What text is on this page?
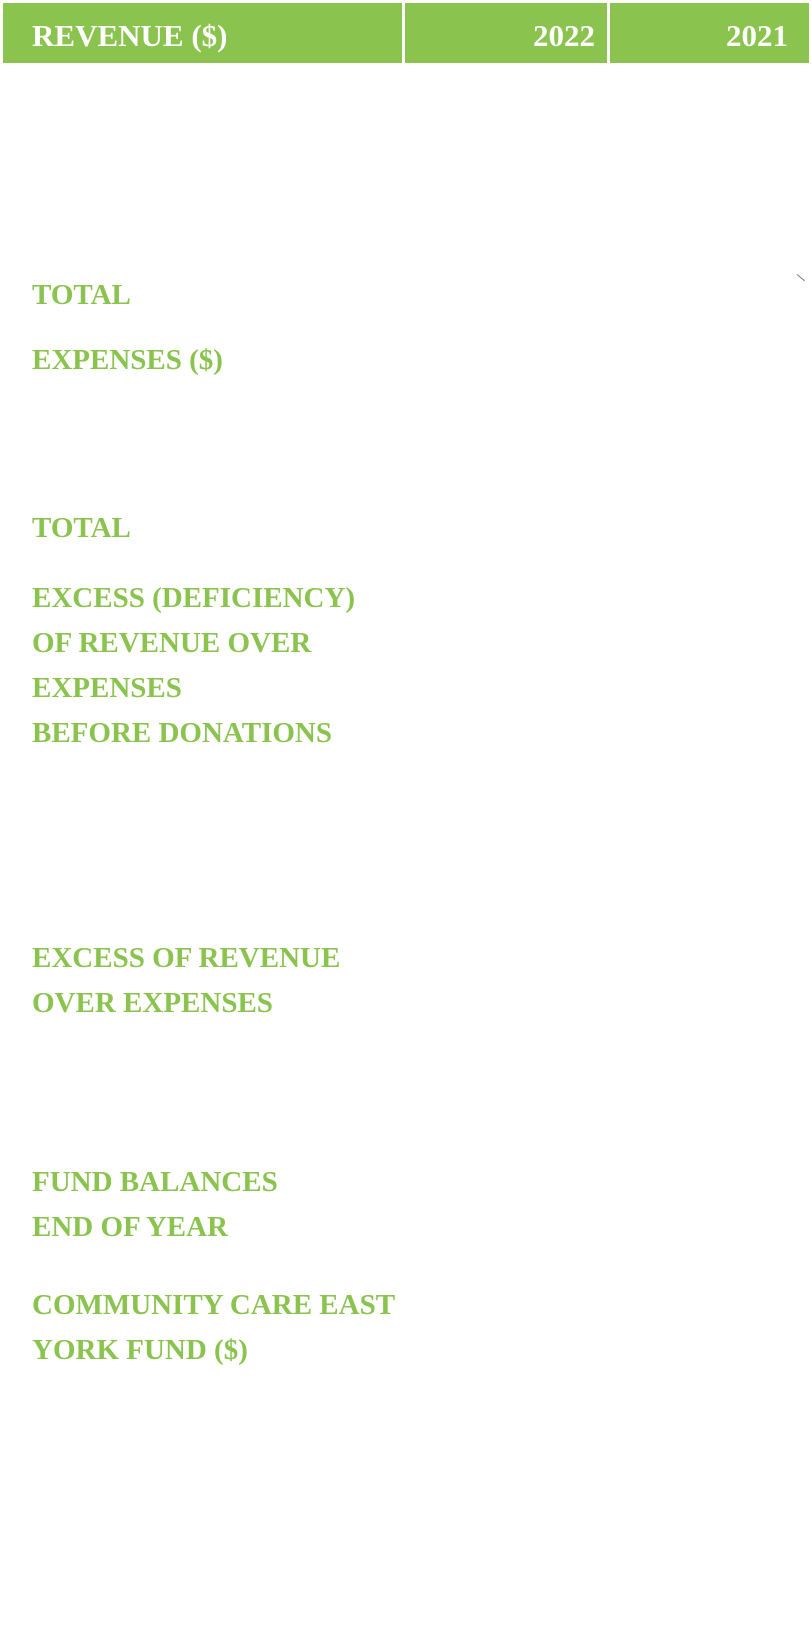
REVENUE ($)	2022	2021
TOTAL
EXPENSES ($)
TOTAL
EXCESS (DEFICIENCY)
OF REVENUE OVER
EXPENSES
BEFORE DONATIONS
EXCESS OF REVENUE
OVER EXPENSES
FUND BALANCES
END OF YEAR
COMMUNITY CARE EAST
YORK FUND ($)
